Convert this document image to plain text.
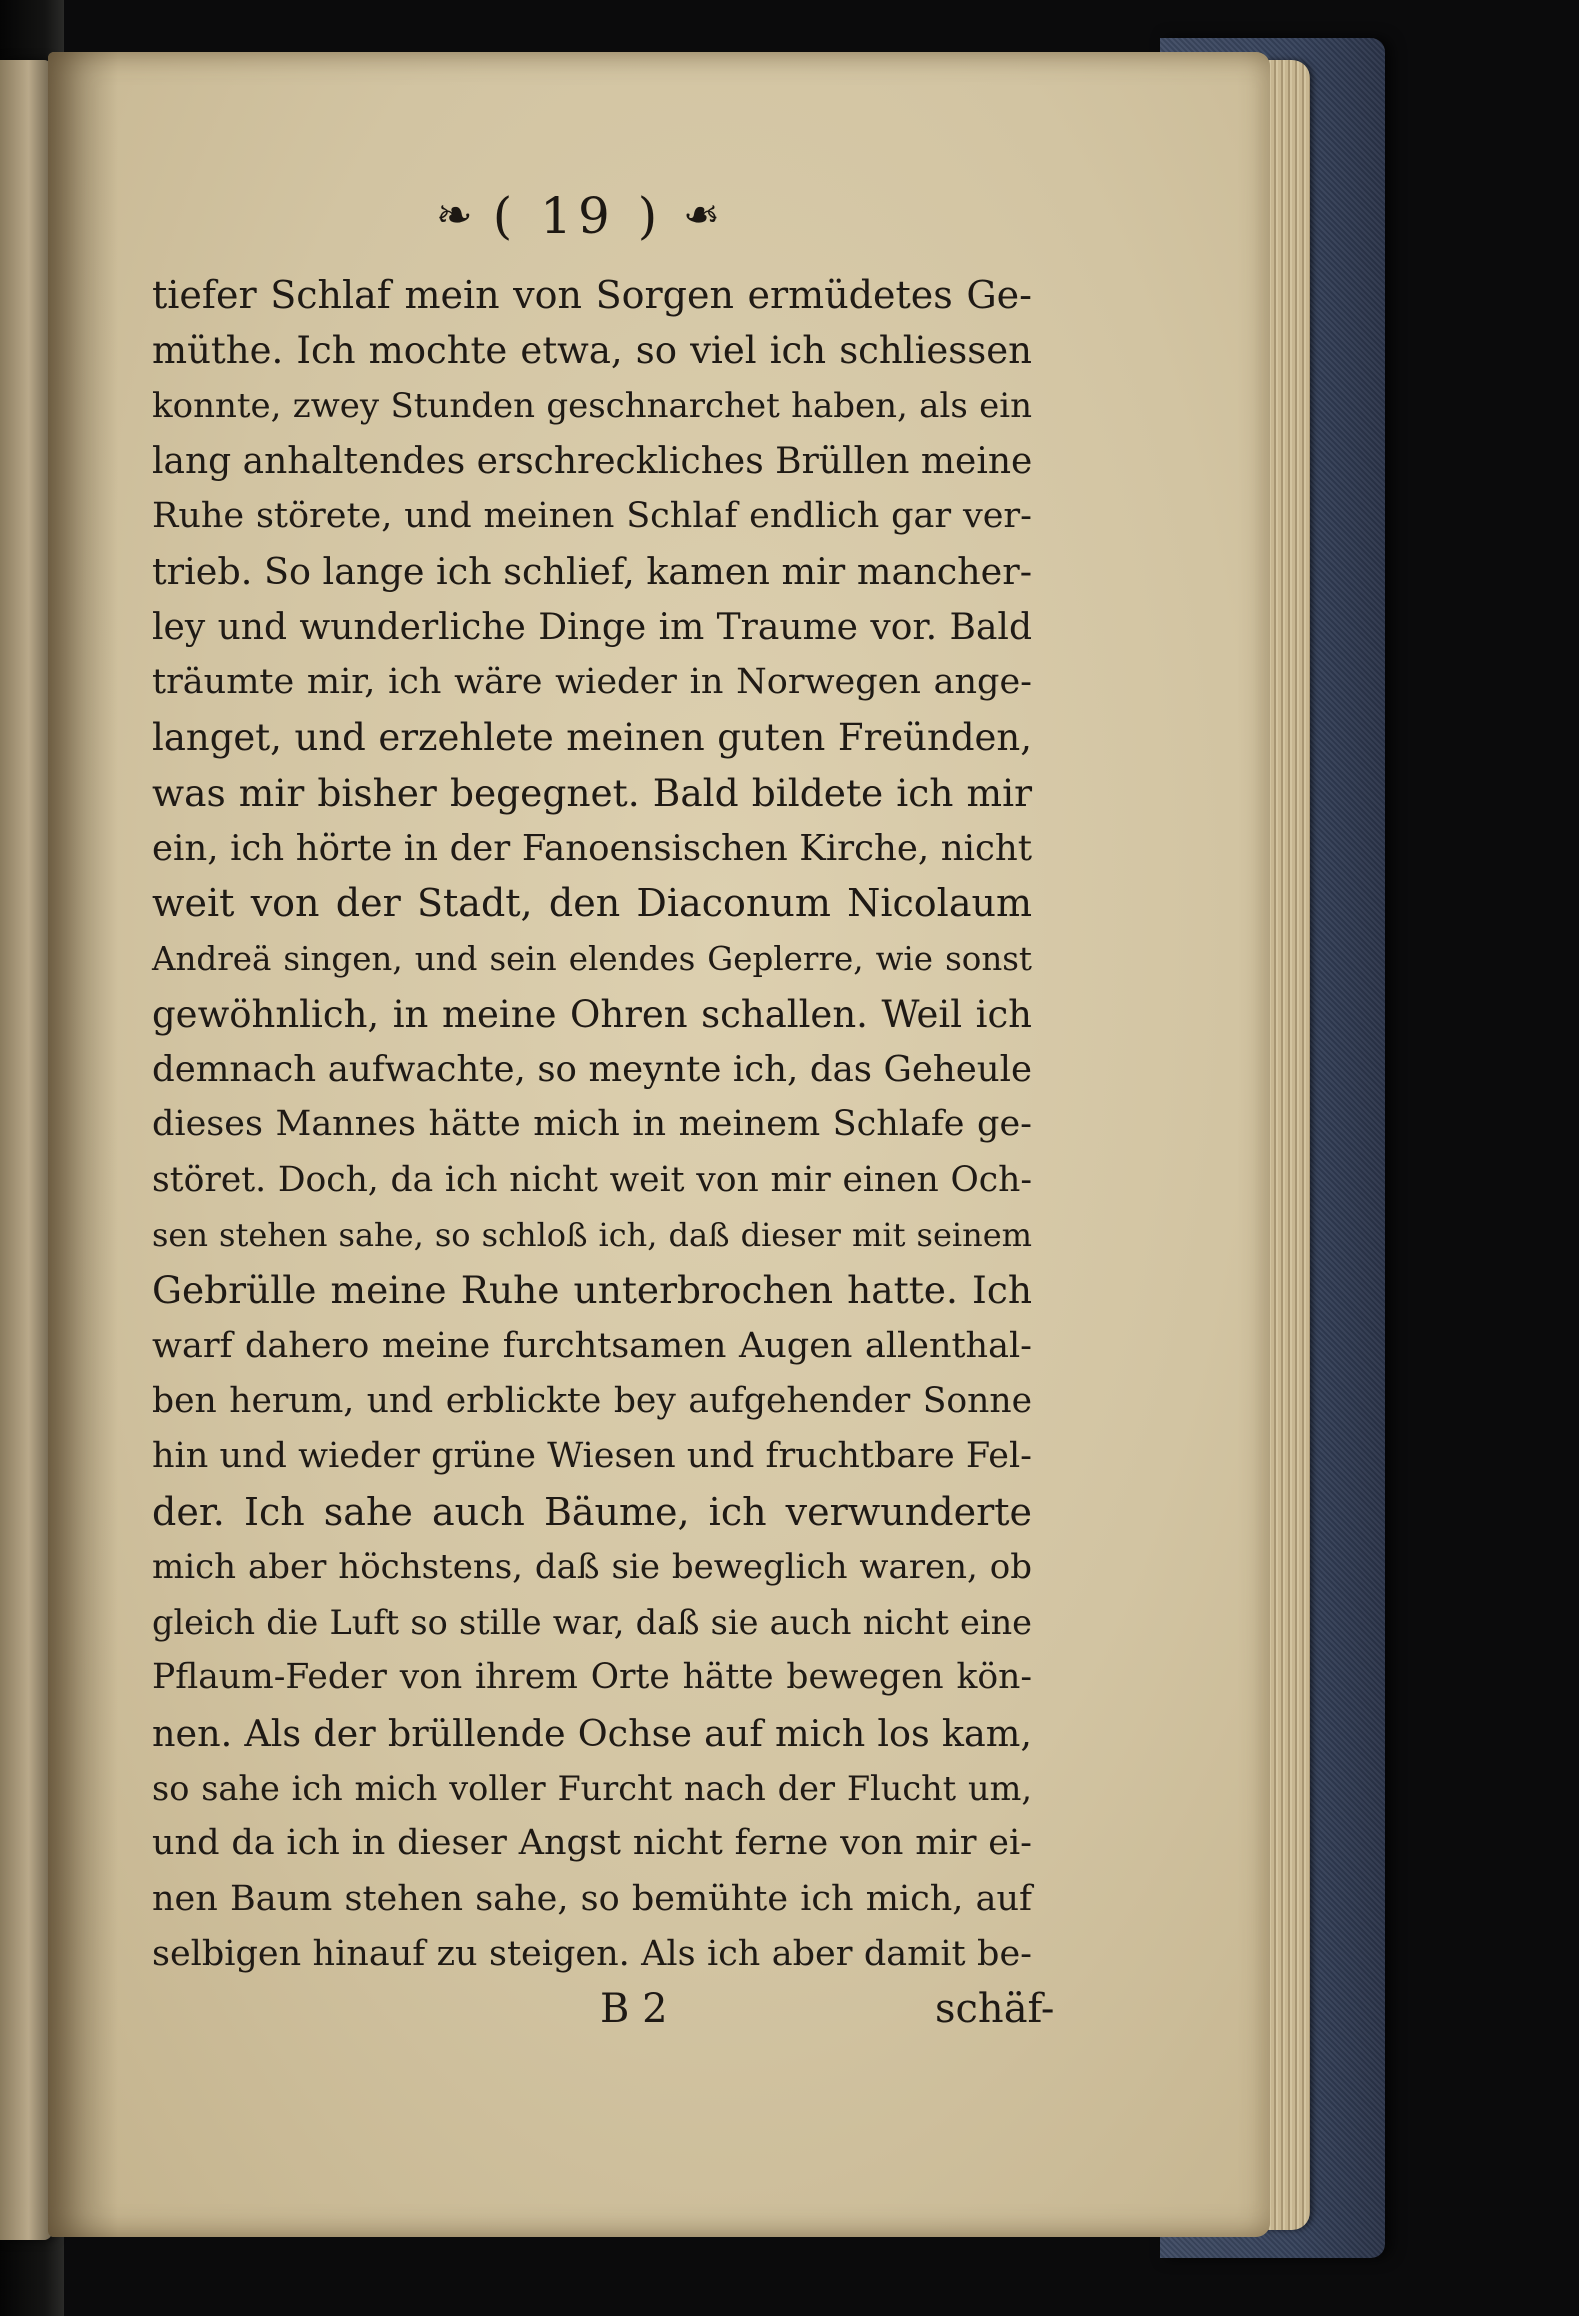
❧ ( 19 ) ❧
tiefer Schlaf mein von Sorgen ermüdetes Ge-
müthe. Ich mochte etwa, so viel ich schliessen
konnte, zwey Stunden geschnarchet haben, als ein
lang anhaltendes erschreckliches Brüllen meine
Ruhe störete, und meinen Schlaf endlich gar ver-
trieb. So lange ich schlief, kamen mir mancher-
ley und wunderliche Dinge im Traume vor. Bald
träumte mir, ich wäre wieder in Norwegen ange-
langet, und erzehlete meinen guten Freünden,
was mir bisher begegnet. Bald bildete ich mir
ein, ich hörte in der Fanoensischen Kirche, nicht
weit von der Stadt, den Diaconum Nicolaum
Andreä singen, und sein elendes Geplerre, wie sonst
gewöhnlich, in meine Ohren schallen. Weil ich
demnach aufwachte, so meynte ich, das Geheule
dieses Mannes hätte mich in meinem Schlafe ge-
störet. Doch, da ich nicht weit von mir einen Och-
sen stehen sahe, so schloß ich, daß dieser mit seinem
Gebrülle meine Ruhe unterbrochen hatte. Ich
warf dahero meine furchtsamen Augen allenthal-
ben herum, und erblickte bey aufgehender Sonne
hin und wieder grüne Wiesen und fruchtbare Fel-
der. Ich sahe auch Bäume, ich verwunderte
mich aber höchstens, daß sie beweglich waren, ob
gleich die Luft so stille war, daß sie auch nicht eine
Pflaum-Feder von ihrem Orte hätte bewegen kön-
nen. Als der brüllende Ochse auf mich los kam,
so sahe ich mich voller Furcht nach der Flucht um,
und da ich in dieser Angst nicht ferne von mir ei-
nen Baum stehen sahe, so bemühte ich mich, auf
selbigen hinauf zu steigen. Als ich aber damit be-
B 2	schäf-
